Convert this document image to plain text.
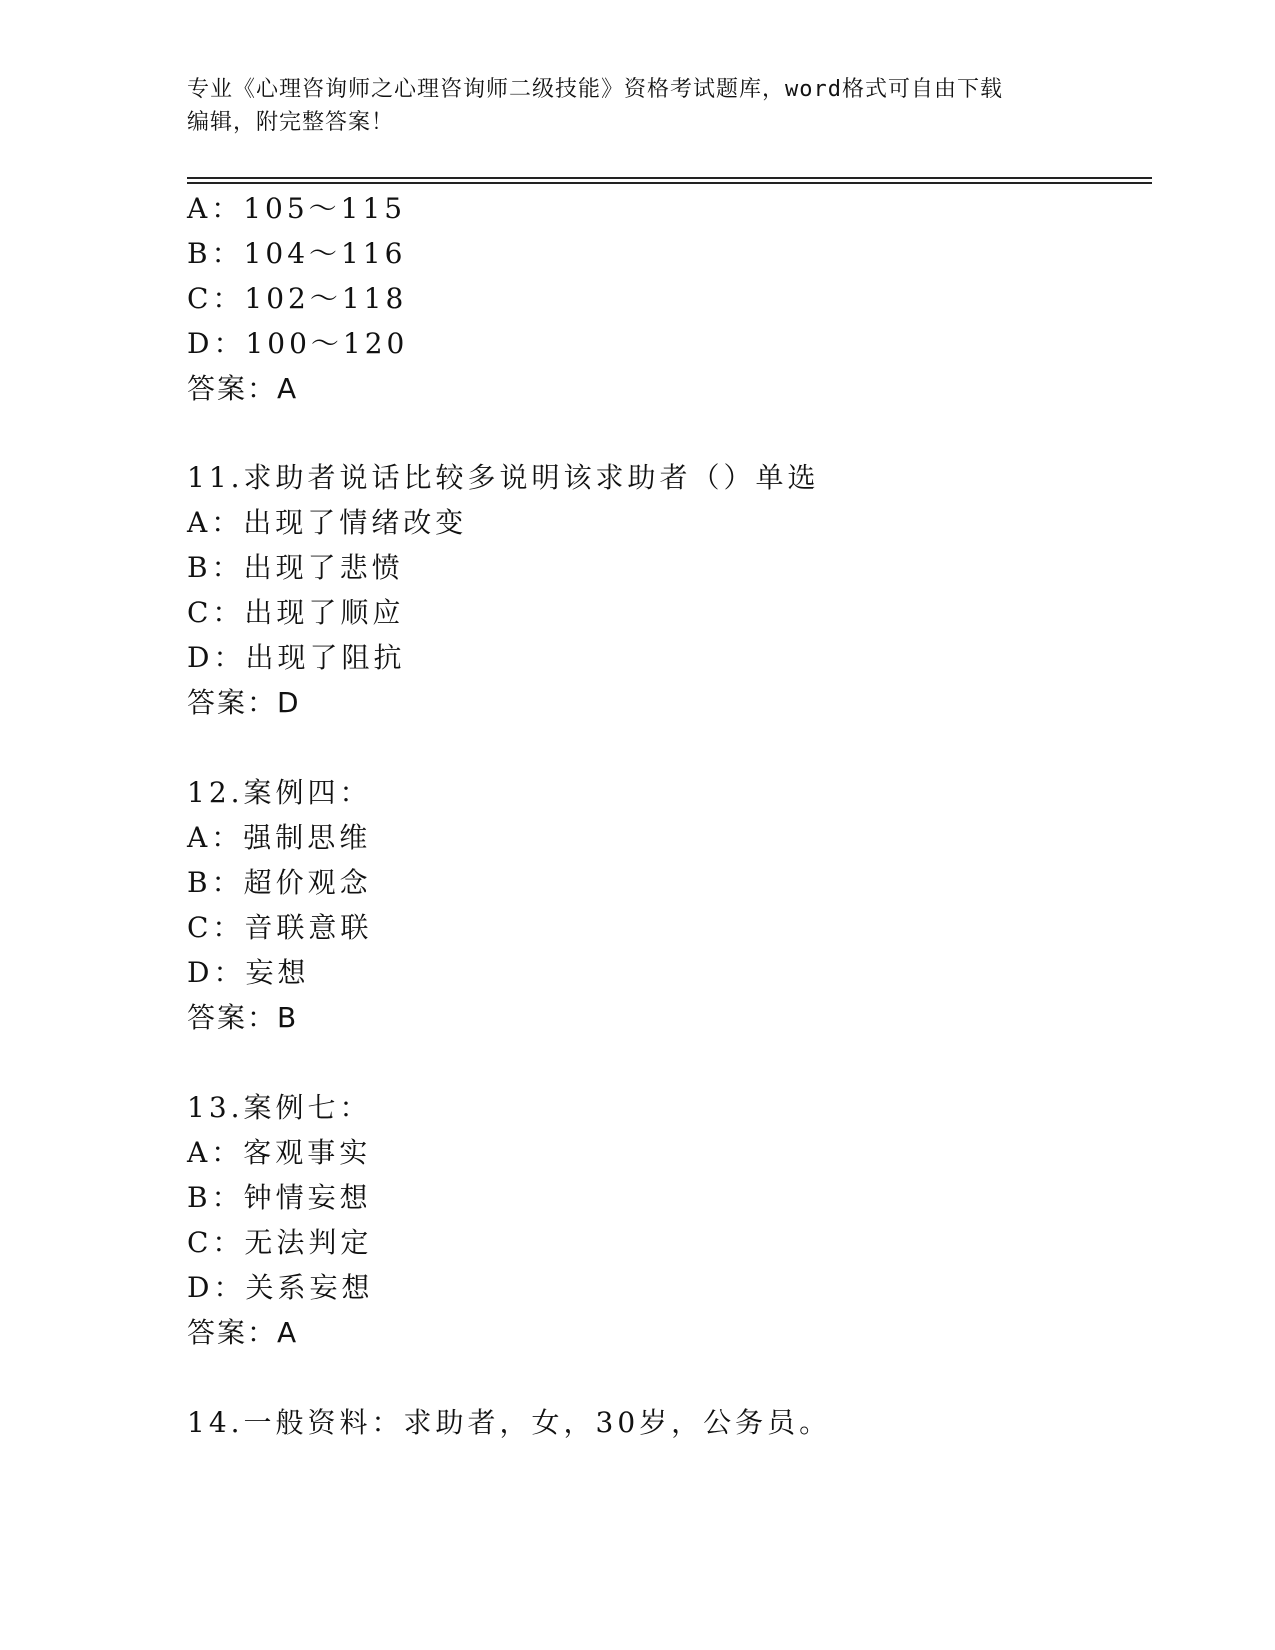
专业《心理咨询师之心理咨询师二级技能》资格考试题库，word格式可自由下载
编辑，附完整答案！
A：105～115
B：104～116
C：102～118
D：100～120
答案：A
11.求助者说话比较多说明该求助者（）单选
A：出现了情绪改变
B：出现了悲愤
C：出现了顺应
D：出现了阻抗
答案：D
12.案例四：
A：强制思维
B：超价观念
C：音联意联
D：妄想
答案：B
13.案例七：
A：客观事实
B：钟情妄想
C：无法判定
D：关系妄想
答案：A
14.一般资料：求助者，女，30岁，公务员。
